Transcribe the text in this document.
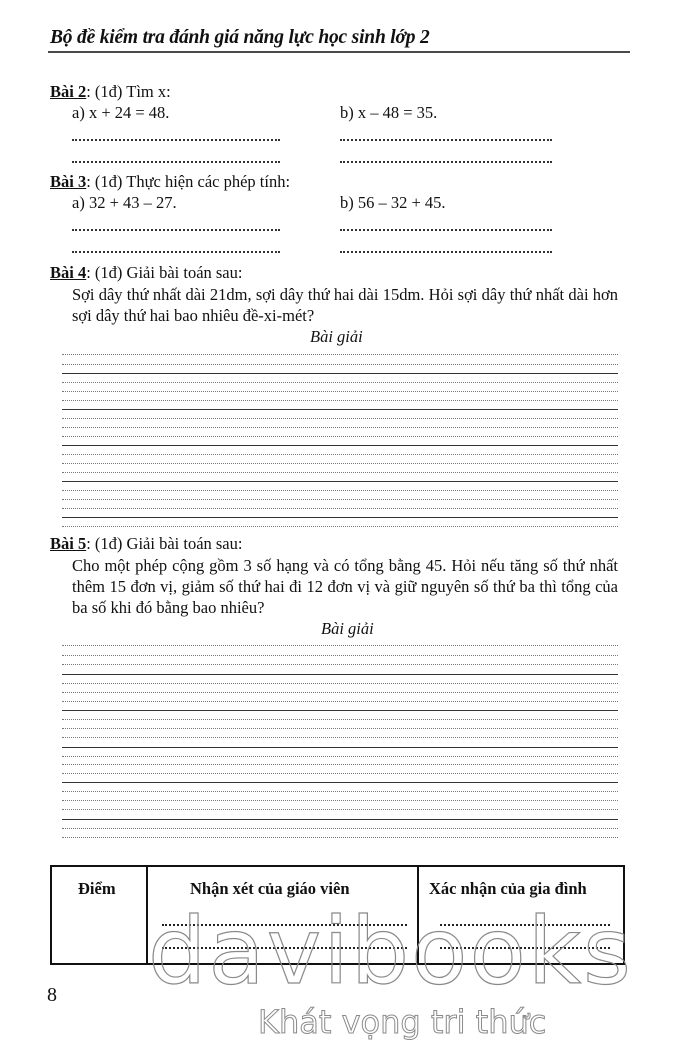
Bộ đề kiểm tra đánh giá năng lực học sinh lớp 2
Bài 2: (1đ) Tìm x:
a) x + 24 = 48.	b) x – 48 = 35.
Bài 3: (1đ) Thực hiện các phép tính:
a) 32 + 43 – 27.	b) 56 – 32 + 45.
Bài 4: (1đ) Giải bài toán sau:
Sợi dây thứ nhất dài 21dm, sợi dây thứ hai dài 15dm. Hỏi sợi dây thứ nhất dài hơn sợi dây thứ hai bao nhiêu đề-xi-mét?
Bài giải
Bài 5: (1đ) Giải bài toán sau:
Cho một phép cộng gồm 3 số hạng và có tổng bằng 45. Hỏi nếu tăng số thứ nhất thêm 15 đơn vị, giảm số thứ hai đi 12 đơn vị và giữ nguyên số thứ ba thì tổng của ba số khi đó bằng bao nhiêu?
Bài giải
Điểm	Nhận xét của giáo viên	Xác nhận của gia đình
davibooks
Khát vọng tri thức
8
